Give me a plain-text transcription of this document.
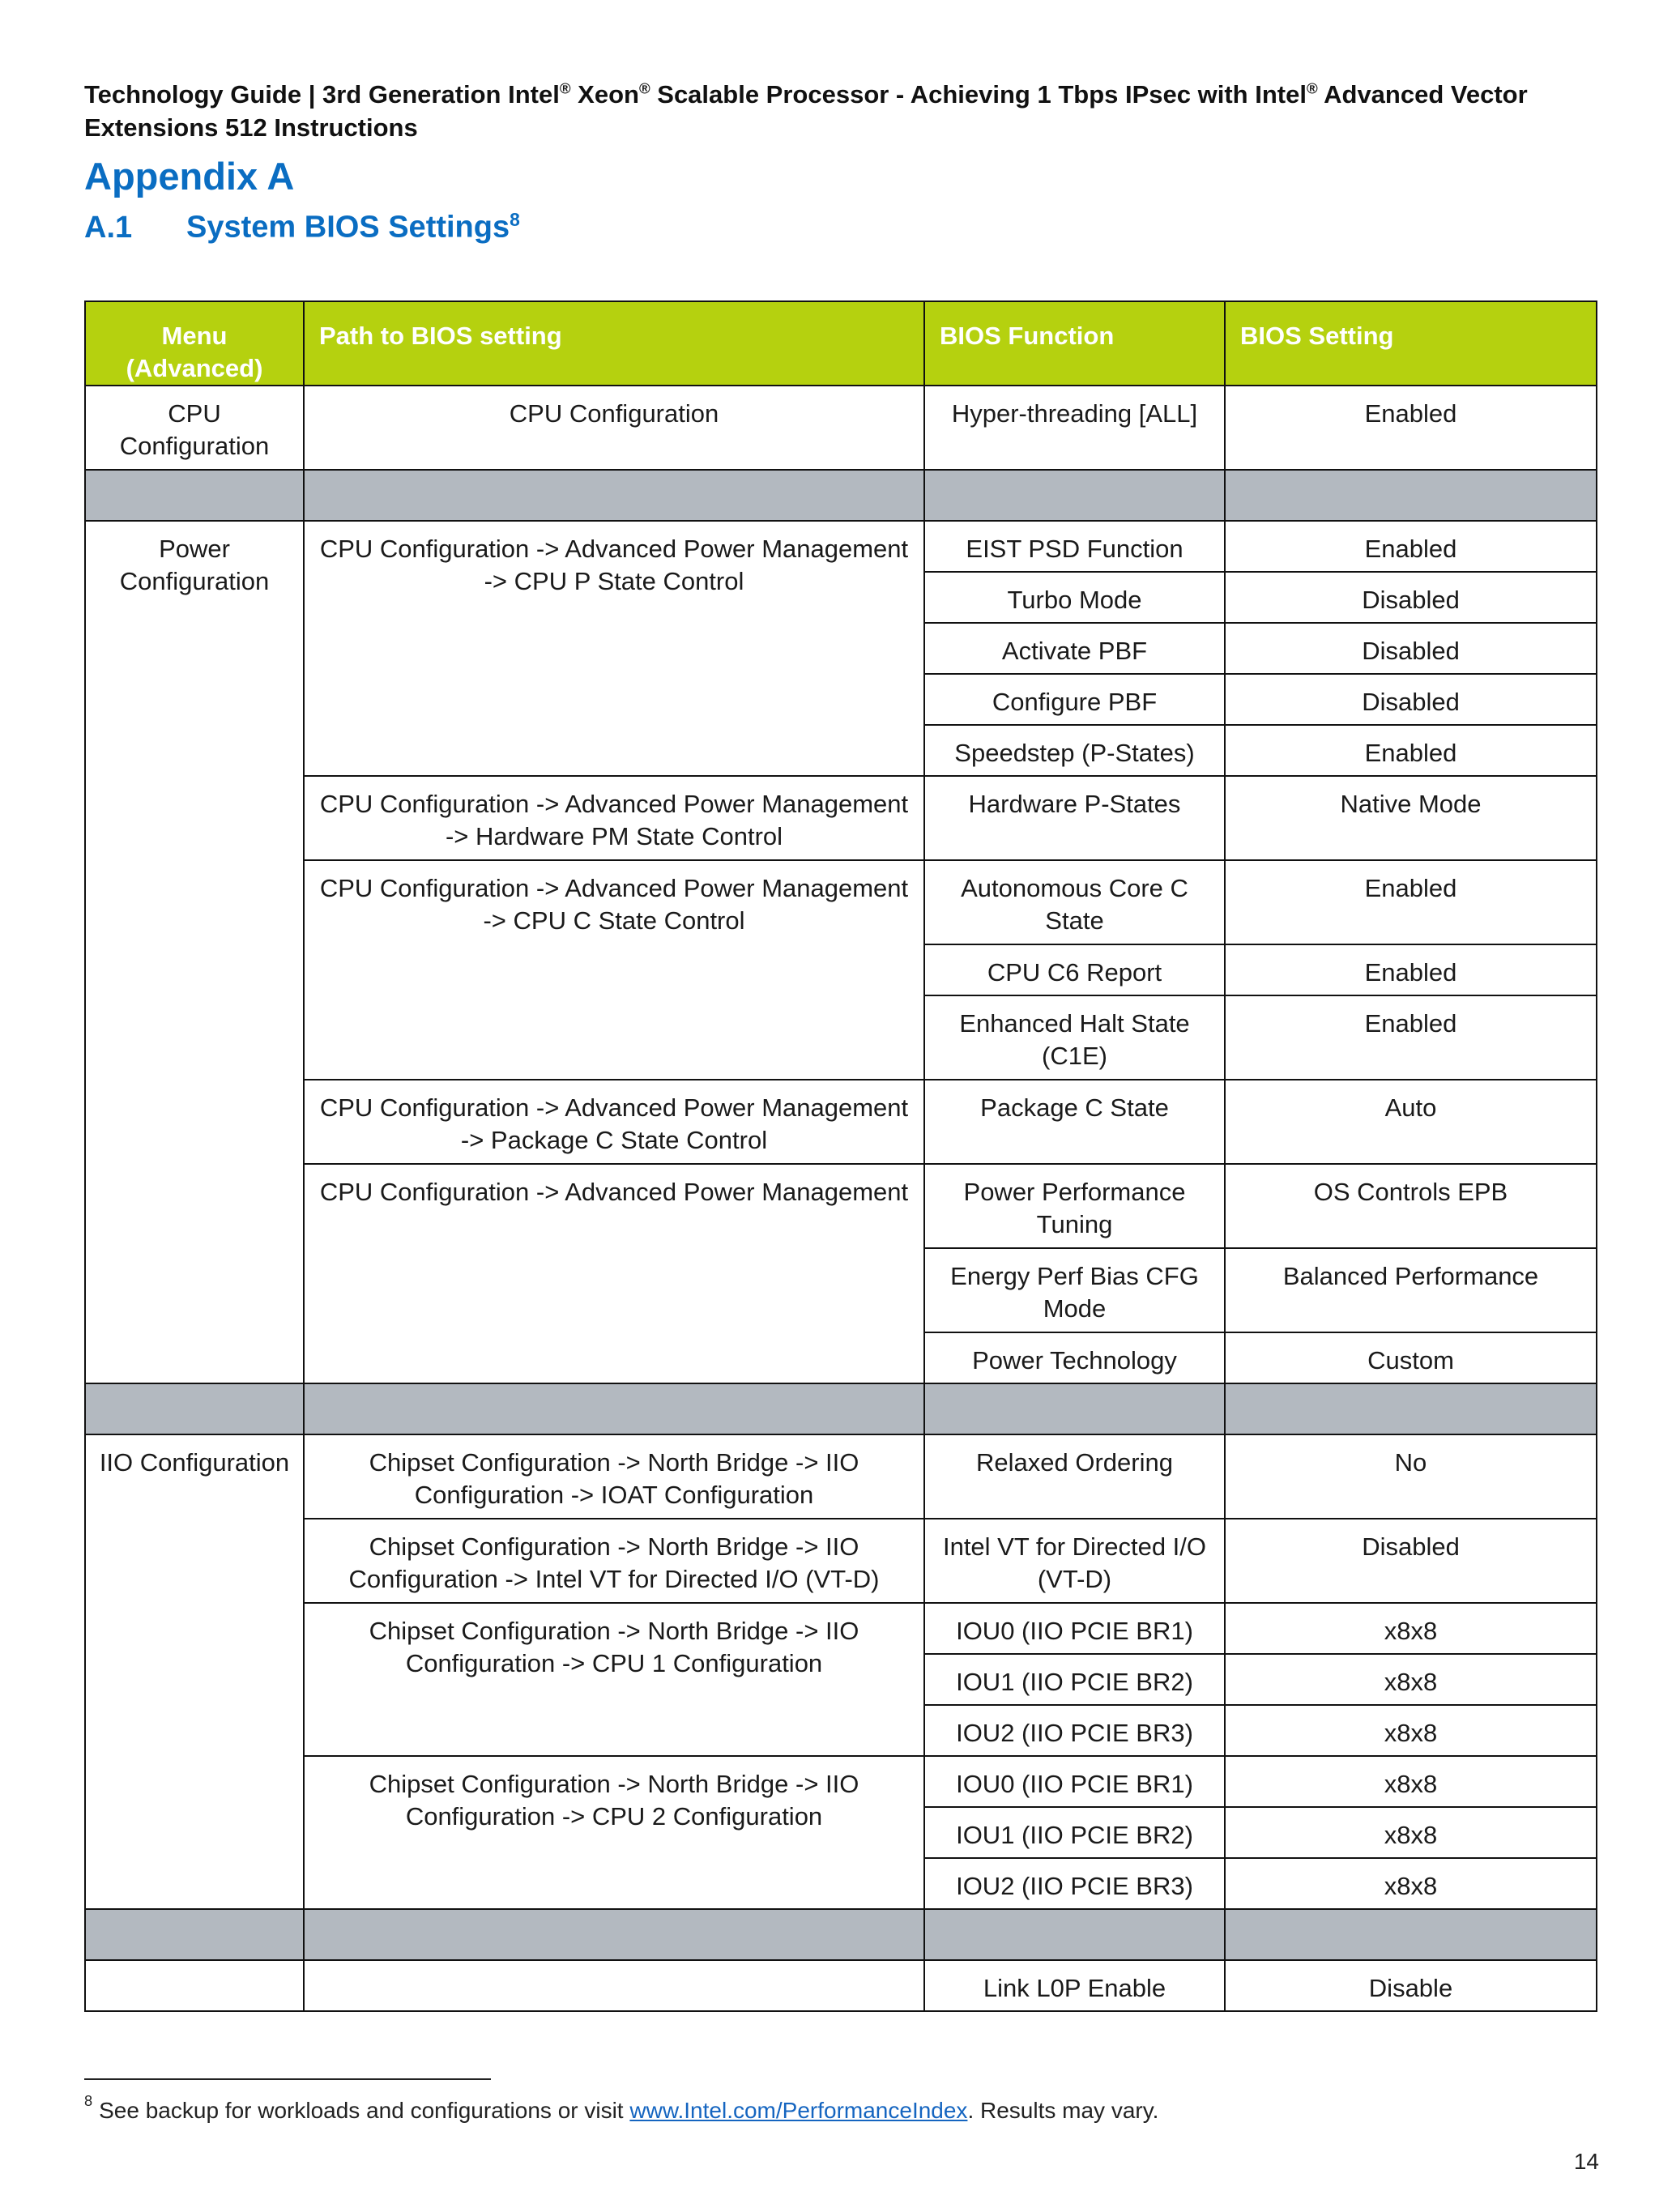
Technology Guide | 3rd Generation Intel® Xeon® Scalable Processor - Achieving 1 Tbps IPsec with Intel® Advanced Vector Extensions 512 Instructions
Appendix A
A.1 System BIOS Settings$^8$
Menu (Advanced)	Path to BIOS setting	BIOS Function	BIOS Setting
CPU Configuration	CPU Configuration	Hyper-threading [ALL]	Enabled

Power Configuration	CPU Configuration -> Advanced Power Management -> CPU P State Control	EIST PSD Function	Enabled
		Turbo Mode	Disabled
		Activate PBF	Disabled
		Configure PBF	Disabled
		Speedstep (P-States)	Enabled
	CPU Configuration -> Advanced Power Management -> Hardware PM State Control	Hardware P-States	Native Mode
	CPU Configuration -> Advanced Power Management -> CPU C State Control	Autonomous Core C State	Enabled
		CPU C6 Report	Enabled
		Enhanced Halt State (C1E)	Enabled
	CPU Configuration -> Advanced Power Management -> Package C State Control	Package C State	Auto
	CPU Configuration -> Advanced Power Management	Power Performance Tuning	OS Controls EPB
		Energy Perf Bias CFG Mode	Balanced Performance
		Power Technology	Custom

IIO Configuration	Chipset Configuration -> North Bridge -> IIO Configuration -> IOAT Configuration	Relaxed Ordering	No
	Chipset Configuration -> North Bridge -> IIO Configuration -> Intel VT for Directed I/O (VT-D)	Intel VT for Directed I/O (VT-D)	Disabled
	Chipset Configuration -> North Bridge -> IIO Configuration -> CPU 1 Configuration	IOU0 (IIO PCIE BR1)	x8x8
		IOU1 (IIO PCIE BR2)	x8x8
		IOU2 (IIO PCIE BR3)	x8x8
	Chipset Configuration -> North Bridge -> IIO Configuration -> CPU 2 Configuration	IOU0 (IIO PCIE BR1)	x8x8
		IOU1 (IIO PCIE BR2)	x8x8
		IOU2 (IIO PCIE BR3)	x8x8

		Link L0P Enable	Disable
$^8$ See backup for workloads and configurations or visit www.Intel.com/PerformanceIndex. Results may vary.
14
